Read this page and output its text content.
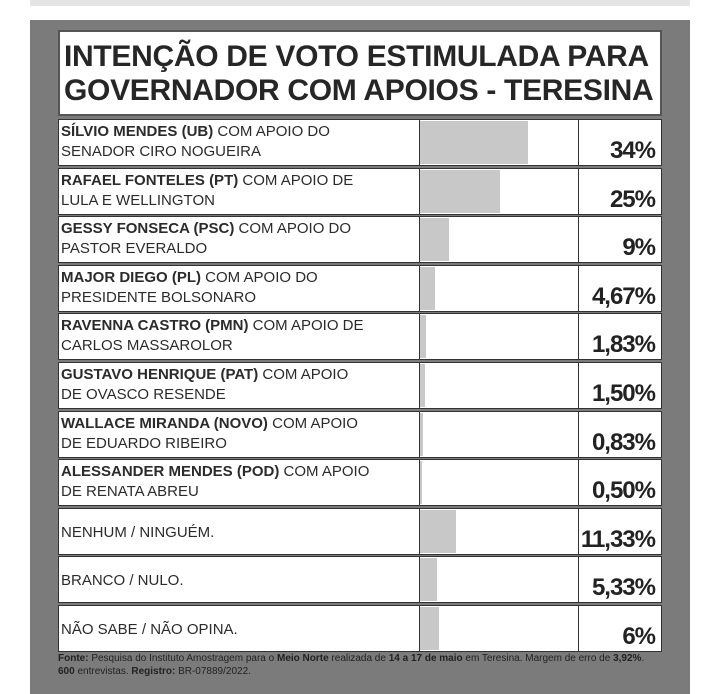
INTENÇÃO DE VOTO ESTIMULADA PARA
GOVERNADOR COM APOIOS - TERESINA
SÍLVIO MENDES (UB) COM APOIO DO
SENADOR CIRO NOGUEIRA	34%
RAFAEL FONTELES (PT) COM APOIO DE
LULA E WELLINGTON	25%
GESSY FONSECA (PSC) COM APOIO DO
PASTOR EVERALDO	9%
MAJOR DIEGO (PL) COM APOIO DO
PRESIDENTE BOLSONARO	4,67%
RAVENNA CASTRO (PMN) COM APOIO DE
CARLOS MASSAROLOR	1,83%
GUSTAVO HENRIQUE (PAT) COM APOIO
DE OVASCO RESENDE	1,50%
WALLACE MIRANDA (NOVO) COM APOIO
DE EDUARDO RIBEIRO	0,83%
ALESSANDER MENDES (POD) COM APOIO
DE RENATA ABREU	0,50%
NENHUM / NINGUÉM.	11,33%
BRANCO / NULO.	5,33%
NÃO SABE / NÃO OPINA.	6%
Fonte: Pesquisa do Instituto Amostragem para o Meio Norte realizada de 14 a 17 de maio em Teresina. Margem de erro de 3,92%. 600 entrevistas. Registro: BR-07889/2022.
